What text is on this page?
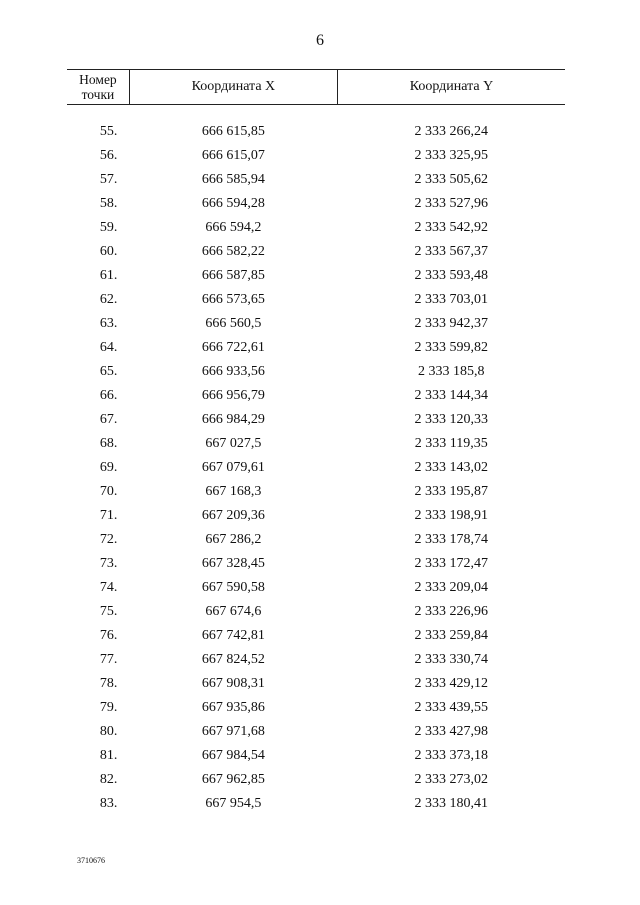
6
Номер
точки	Координата X	Координата Y

55.	666 615,85	2 333 266,24
56.	666 615,07	2 333 325,95
57.	666 585,94	2 333 505,62
58.	666 594,28	2 333 527,96
59.	666 594,2	2 333 542,92
60.	666 582,22	2 333 567,37
61.	666 587,85	2 333 593,48
62.	666 573,65	2 333 703,01
63.	666 560,5	2 333 942,37
64.	666 722,61	2 333 599,82
65.	666 933,56	2 333 185,8
66.	666 956,79	2 333 144,34
67.	666 984,29	2 333 120,33
68.	667 027,5	2 333 119,35
69.	667 079,61	2 333 143,02
70.	667 168,3	2 333 195,87
71.	667 209,36	2 333 198,91
72.	667 286,2	2 333 178,74
73.	667 328,45	2 333 172,47
74.	667 590,58	2 333 209,04
75.	667 674,6	2 333 226,96
76.	667 742,81	2 333 259,84
77.	667 824,52	2 333 330,74
78.	667 908,31	2 333 429,12
79.	667 935,86	2 333 439,55
80.	667 971,68	2 333 427,98
81.	667 984,54	2 333 373,18
82.	667 962,85	2 333 273,02
83.	667 954,5	2 333 180,41
3710676
